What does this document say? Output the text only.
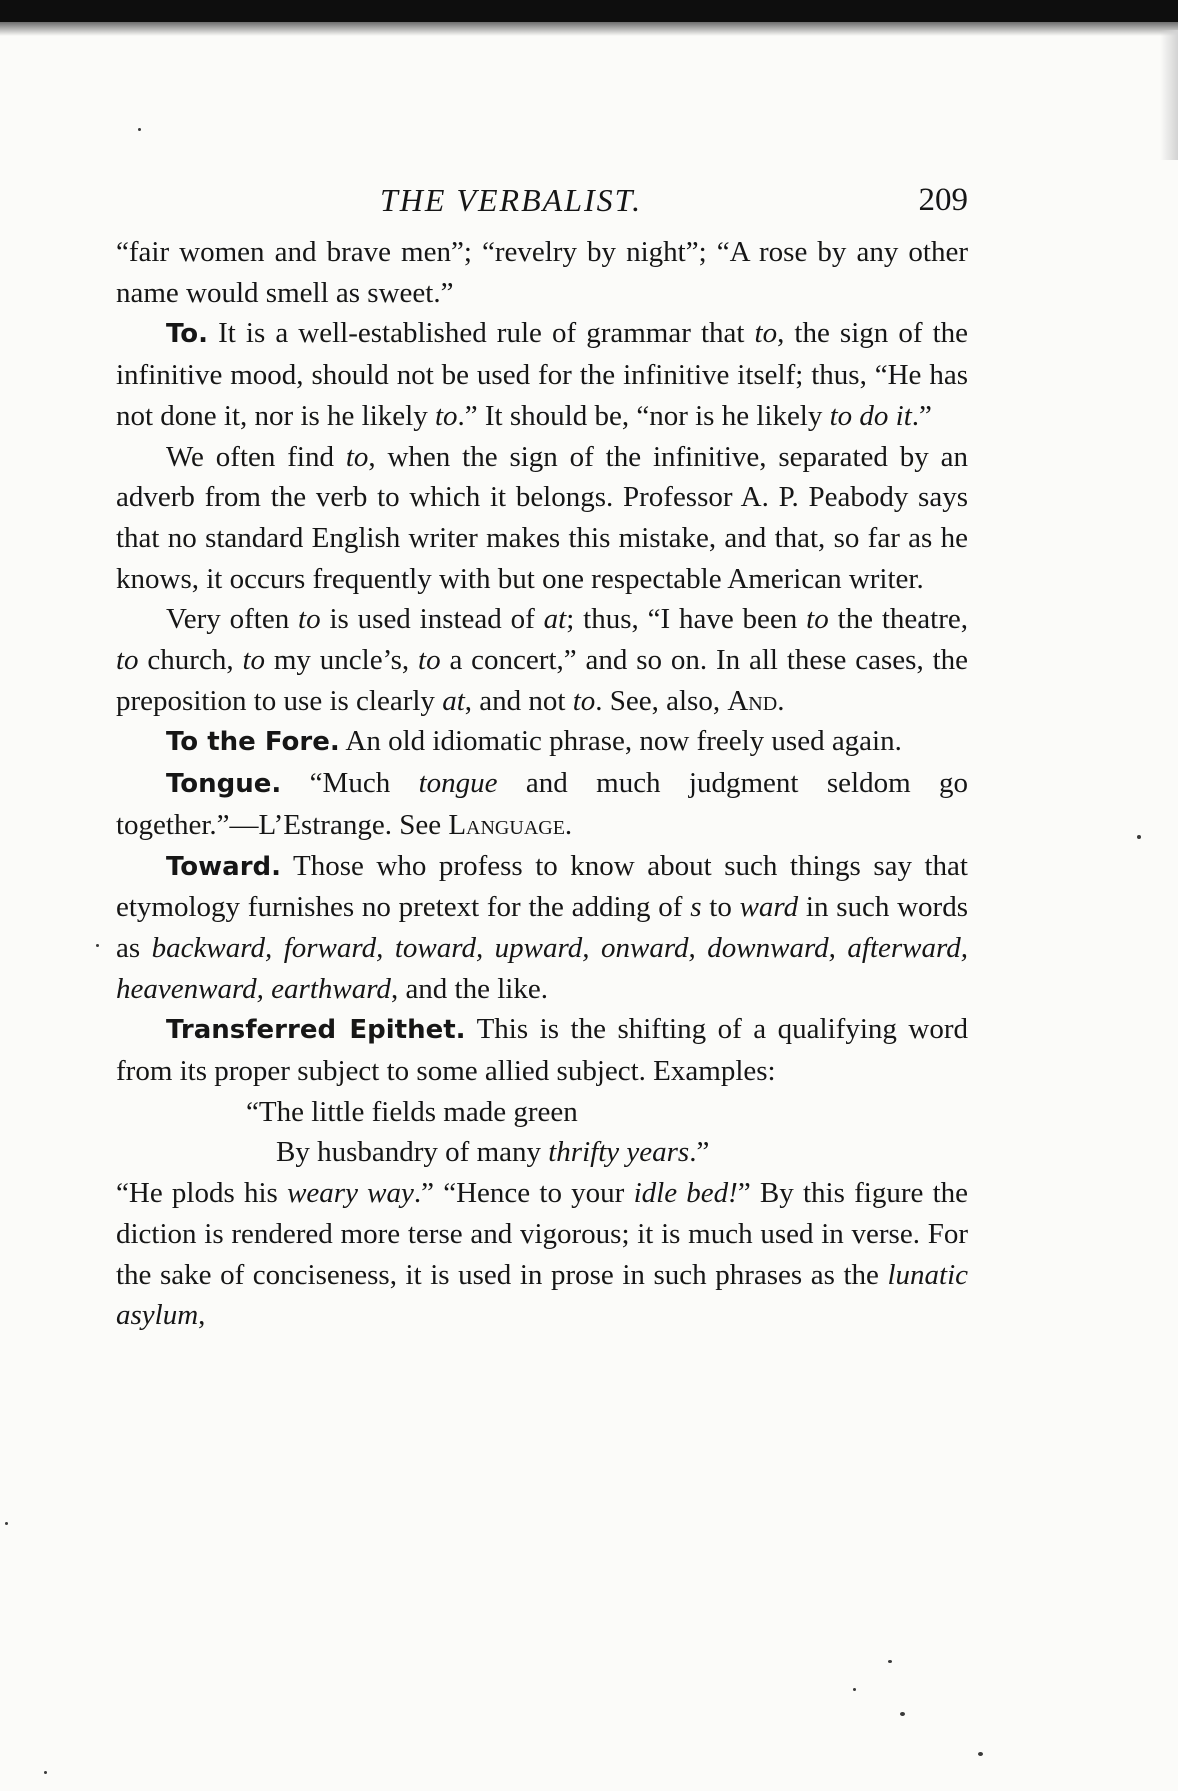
THE VERBALIST.	209

“fair women and brave men”; “revelry by night”; “A rose by any other name would smell as sweet.”

To. It is a well-established rule of grammar that to, the sign of the infinitive mood, should not be used for the infinitive itself; thus, “He has not done it, nor is he likely to.” It should be, “nor is he likely to do it.”

We often find to, when the sign of the infinitive, separated by an adverb from the verb to which it belongs. Professor A. P. Peabody says that no standard English writer makes this mistake, and that, so far as he knows, it occurs frequently with but one respectable American writer.

Very often to is used instead of at; thus, “I have been to the theatre, to church, to my uncle’s, to a concert,” and so on. In all these cases, the preposition to use is clearly at, and not to. See, also, And.

To the Fore. An old idiomatic phrase, now freely used again.

Tongue. “Much tongue and much judgment seldom go together.”—L’Estrange. See Language.

Toward. Those who profess to know about such things say that etymology furnishes no pretext for the adding of s to ward in such words as backward, forward, toward, upward, onward, downward, afterward, heavenward, earthward, and the like.

Transferred Epithet. This is the shifting of a qualifying word from its proper subject to some allied subject. Examples:

“The little fields made green
By husbandry of many thrifty years.”

“He plods his weary way.” “Hence to your idle bed!” By this figure the diction is rendered more terse and vigorous; it is much used in verse. For the sake of conciseness, it is used in prose in such phrases as the lunatic asylum,
